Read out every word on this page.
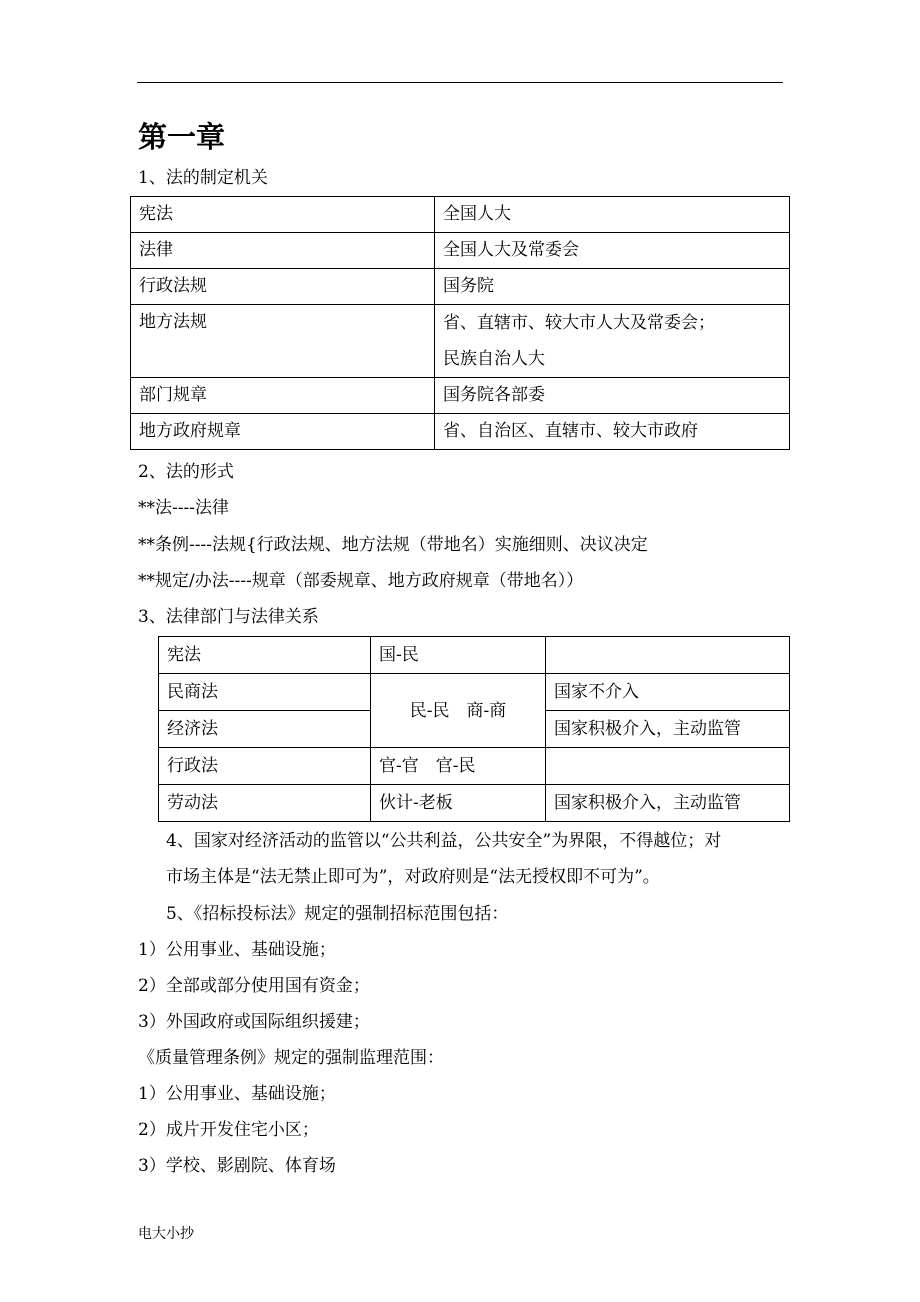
第一章
1、法的制定机关
宪法	全国人大
法律	全国人大及常委会
行政法规	国务院
地方法规	省、直辖市、较大市人大及常委会；
民族自治人大

部门规章	国务院各部委
地方政府规章	省、自治区、直辖市、较大市政府
2、法的形式
**法----法律
**条例----法规{行政法规、地方法规（带地名）实施细则、决议决定
**规定/办法----规章（部委规章、地方政府规章（带地名））
3、法律部门与法律关系
宪法	国-民	
民商法	民-民　商-商	国家不介入
经济法		国家积极介入，主动监管
行政法	官-官　官-民	
劳动法	伙计-老板	国家积极介入，主动监管
4、国家对经济活动的监管以“公共利益，公共安全”为界限，不得越位；对
市场主体是“法无禁止即可为”，对政府则是“法无授权即不可为”。
5、《招标投标法》规定的强制招标范围包括：
1）公用事业、基础设施；
2）全部或部分使用国有资金；
3）外国政府或国际组织援建；
《质量管理条例》规定的强制监理范围：
1）公用事业、基础设施；
2）成片开发住宅小区；
3）学校、影剧院、体育场
电大小抄
